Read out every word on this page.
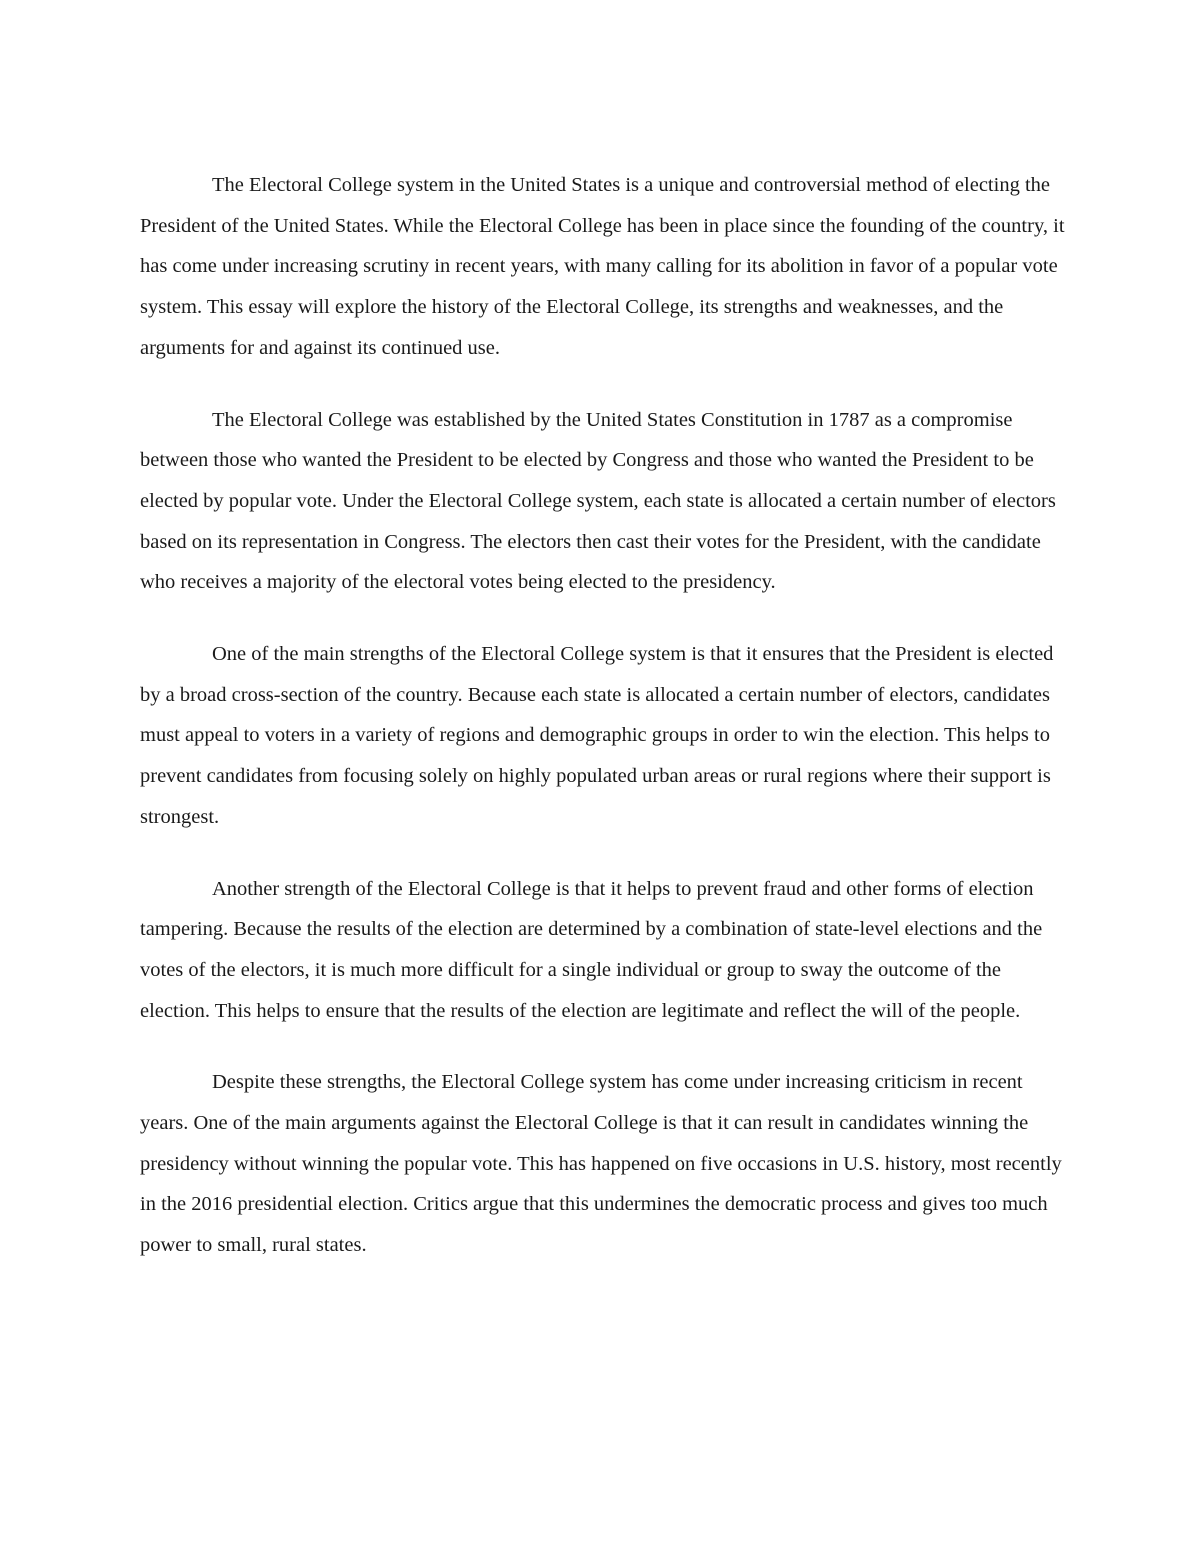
The Electoral College system in the United States is a unique and controversial method of electing the President of the United States. While the Electoral College has been in place since the founding of the country, it has come under increasing scrutiny in recent years, with many calling for its abolition in favor of a popular vote system. This essay will explore the history of the Electoral College, its strengths and weaknesses, and the arguments for and against its continued use.

The Electoral College was established by the United States Constitution in 1787 as a compromise between those who wanted the President to be elected by Congress and those who wanted the President to be elected by popular vote. Under the Electoral College system, each state is allocated a certain number of electors based on its representation in Congress. The electors then cast their votes for the President, with the candidate who receives a majority of the electoral votes being elected to the presidency.

One of the main strengths of the Electoral College system is that it ensures that the President is elected by a broad cross-section of the country. Because each state is allocated a certain number of electors, candidates must appeal to voters in a variety of regions and demographic groups in order to win the election. This helps to prevent candidates from focusing solely on highly populated urban areas or rural regions where their support is strongest.

Another strength of the Electoral College is that it helps to prevent fraud and other forms of election tampering. Because the results of the election are determined by a combination of state-level elections and the votes of the electors, it is much more difficult for a single individual or group to sway the outcome of the election. This helps to ensure that the results of the election are legitimate and reflect the will of the people.

Despite these strengths, the Electoral College system has come under increasing criticism in recent years. One of the main arguments against the Electoral College is that it can result in candidates winning the presidency without winning the popular vote. This has happened on five occasions in U.S. history, most recently in the 2016 presidential election. Critics argue that this undermines the democratic process and gives too much power to small, rural states.
